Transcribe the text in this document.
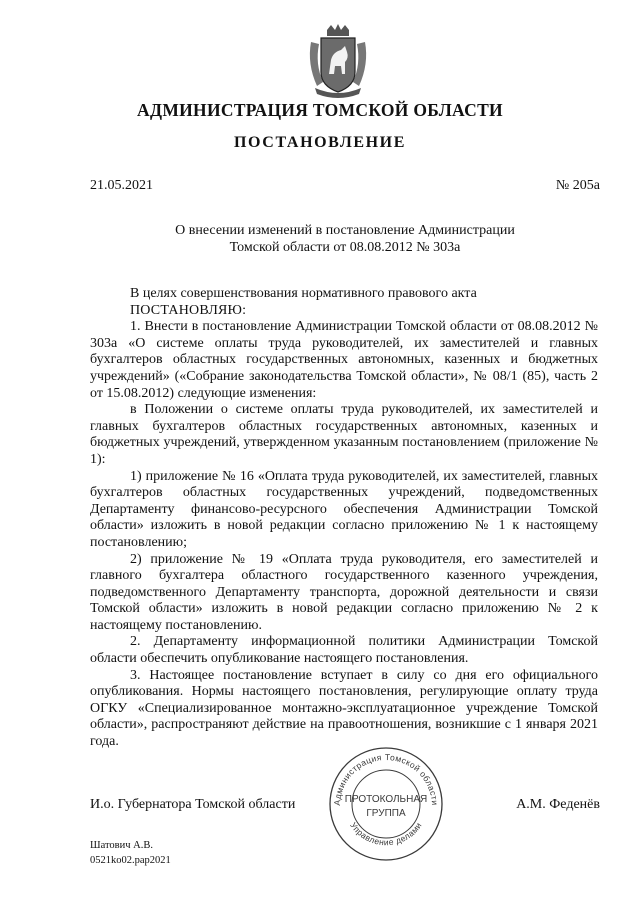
АДМИНИСТРАЦИЯ ТОМСКОЙ ОБЛАСТИ
ПОСТАНОВЛЕНИЕ
21.05.2021	№ 205а
О внесении изменений в постановление Администрации
Томской области от 08.08.2012 № 303а

В целях совершенствования нормативного правового акта

ПОСТАНОВЛЯЮ:

1. Внести в постановление Администрации Томской области от 08.08.2012 № 303а «О системе оплаты труда руководителей, их заместителей и главных бухгалтеров областных государственных автономных, казенных и бюджетных учреждений» («Собрание законодательства Томской области», № 08/1 (85), часть 2 от 15.08.2012) следующие изменения:

в Положении о системе оплаты труда руководителей, их заместителей и главных бухгалтеров областных государственных автономных, казенных и бюджетных учреждений, утвержденном указанным постановлением (приложение № 1):

1) приложение № 16 «Оплата труда руководителей, их заместителей, главных бухгалтеров областных государственных учреждений, подведомственных Департаменту финансово-ресурсного обеспечения Администрации Томской области» изложить в новой редакции согласно приложению № 1 к настоящему постановлению;

2) приложение № 19 «Оплата труда руководителя, его заместителей и главного бухгалтера областного государственного казенного учреждения, подведомственного Департаменту транспорта, дорожной деятельности и связи Томской области» изложить в новой редакции согласно приложению № 2 к настоящему постановлению.

2. Департаменту информационной политики Администрации Томской области обеспечить опубликование настоящего постановления.

3. Настоящее постановление вступает в силу со дня его официального опубликования. Нормы настоящего постановления, регулирующие оплату труда ОГКУ «Специализированное монтажно-эксплуатационное учреждение Томской области», распространяют действие на правоотношения, возникшие с 1 января 2021 года.

И.о. Губернатора Томской области	А.М. Феденёв
Администрация Томской области
Управление делами
ПРОТОКОЛЬНАЯ
ГРУППА
Шатович А.В.
0521ko02.pap2021
